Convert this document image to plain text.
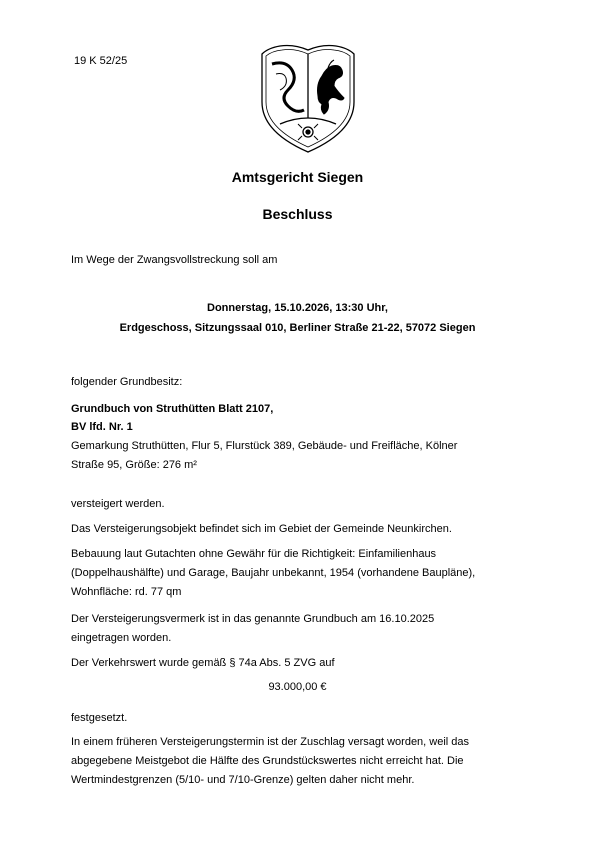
19 K 52/25
Amtsgericht Siegen
Beschluss
Im Wege der Zwangsvollstreckung soll am
Donnerstag, 15.10.2026, 13:30 Uhr,
Erdgeschoss, Sitzungssaal 010, Berliner Straße 21-22, 57072 Siegen
folgender Grundbesitz:
Grundbuch von Struthütten Blatt 2107,
BV lfd. Nr. 1
Gemarkung Struthütten, Flur 5, Flurstück 389, Gebäude- und Freifläche, Kölner
Straße 95, Größe: 276 m²
versteigert werden.
Das Versteigerungsobjekt befindet sich im Gebiet der Gemeinde Neunkirchen.
Bebauung laut Gutachten ohne Gewähr für die Richtigkeit: Einfamilienhaus
(Doppelhaushälfte) und Garage, Baujahr unbekannt, 1954 (vorhandene Baupläne),
Wohnfläche: rd. 77 qm
Der Versteigerungsvermerk ist in das genannte Grundbuch am 16.10.2025
eingetragen worden.
Der Verkehrswert wurde gemäß § 74a Abs. 5 ZVG auf
93.000,00 €
festgesetzt.
In einem früheren Versteigerungstermin ist der Zuschlag versagt worden, weil das
abgegebene Meistgebot die Hälfte des Grundstückswertes nicht erreicht hat. Die
Wertmindestgrenzen (5/10- und 7/10-Grenze) gelten daher nicht mehr.
